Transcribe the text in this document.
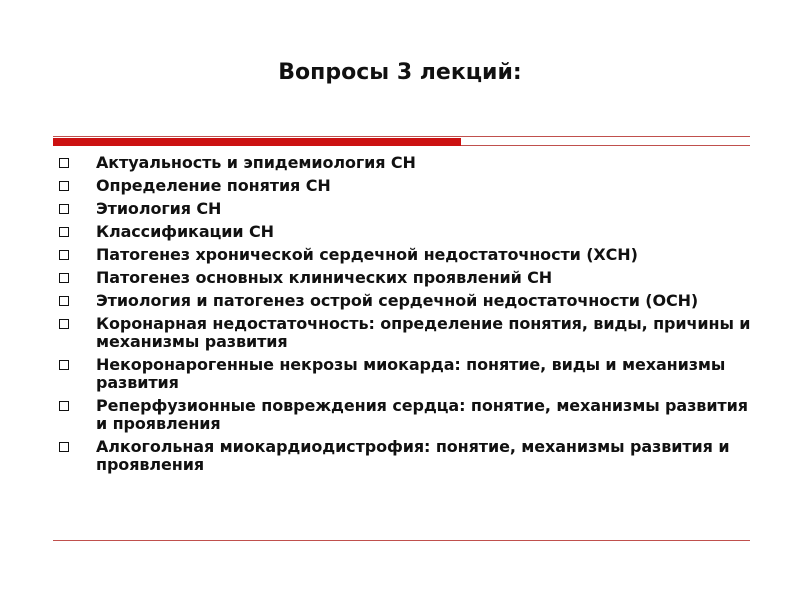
Вопросы 3 лекций:
Актуальность и эпидемиология СН
Определение понятия СН
Этиология СН
Классификации СН
Патогенез хронической сердечной недостаточности (ХСН)
Патогенез основных клинических проявлений СН
Этиология и патогенез острой сердечной недостаточности (ОСН)
Коронарная недостаточность: определение понятия, виды, причины и механизмы развития
Некоронарогенные некрозы миокарда: понятие, виды и механизмы развития
Реперфузионные повреждения сердца: понятие, механизмы развития и проявления
Алкогольная миокардиодистрофия: понятие, механизмы развития и проявления
